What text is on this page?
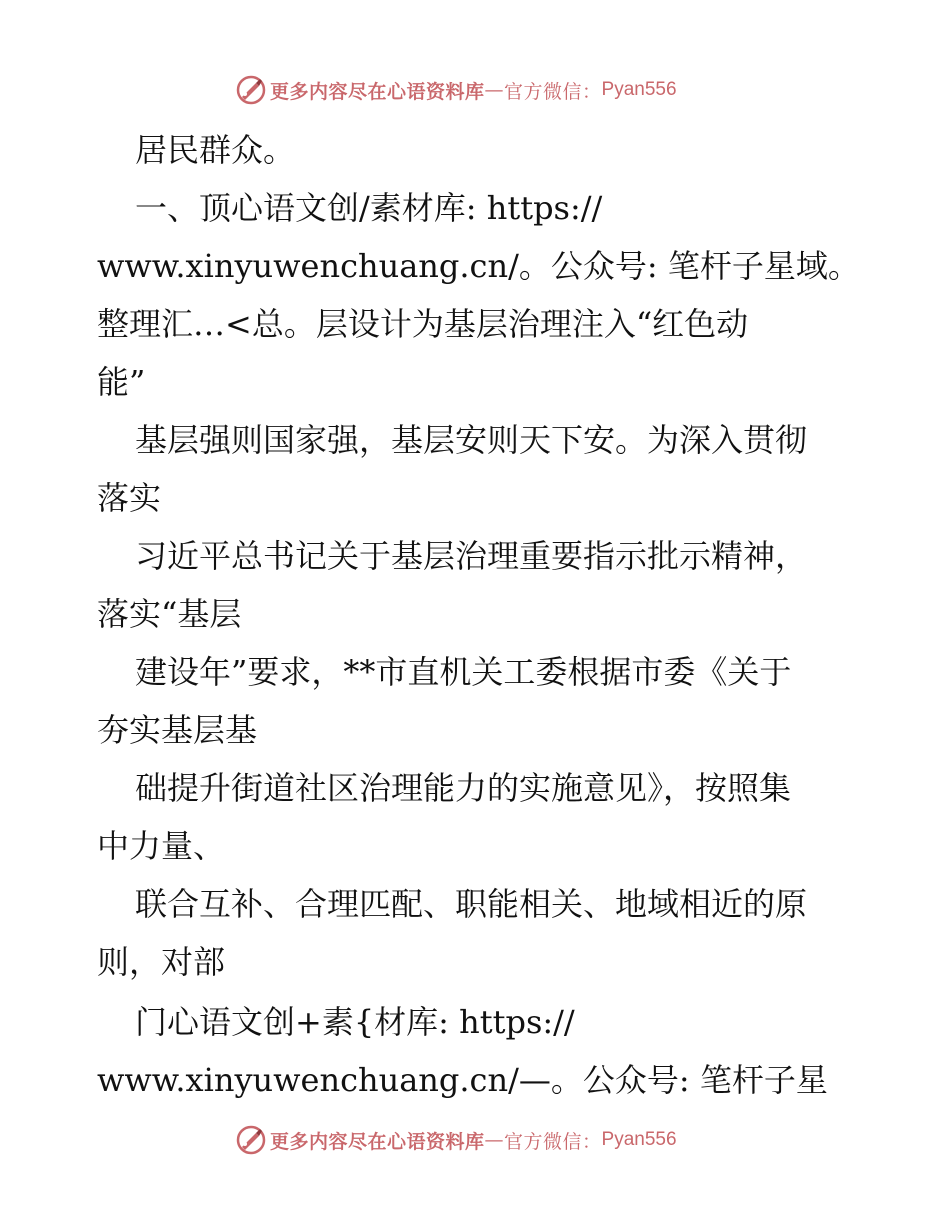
更多内容尽在心语资料库 — 官方微信： Pyan556
居民群众。
一、顶心语文创/素材库: https://
www.xinyuwenchuang.cn/。公众号: 笔杆子星域。
整理汇…<总。层设计为基层治理注入“红色动
能”
基层强则国家强，基层安则天下安。为深入贯彻
落实
习近平总书记关于基层治理重要指示批示精神，
落实“基层
建设年”要求，**市直机关工委根据市委《关于
夯实基层基
础提升街道社区治理能力的实施意见》，按照集
中力量、
联合互补、合理匹配、职能相关、地域相近的原
则，对部
门心语文创+素{材库: https://
www.xinyuwenchuang.cn/—。公众号: 笔杆子星
更多内容尽在心语资料库 — 官方微信： Pyan556
